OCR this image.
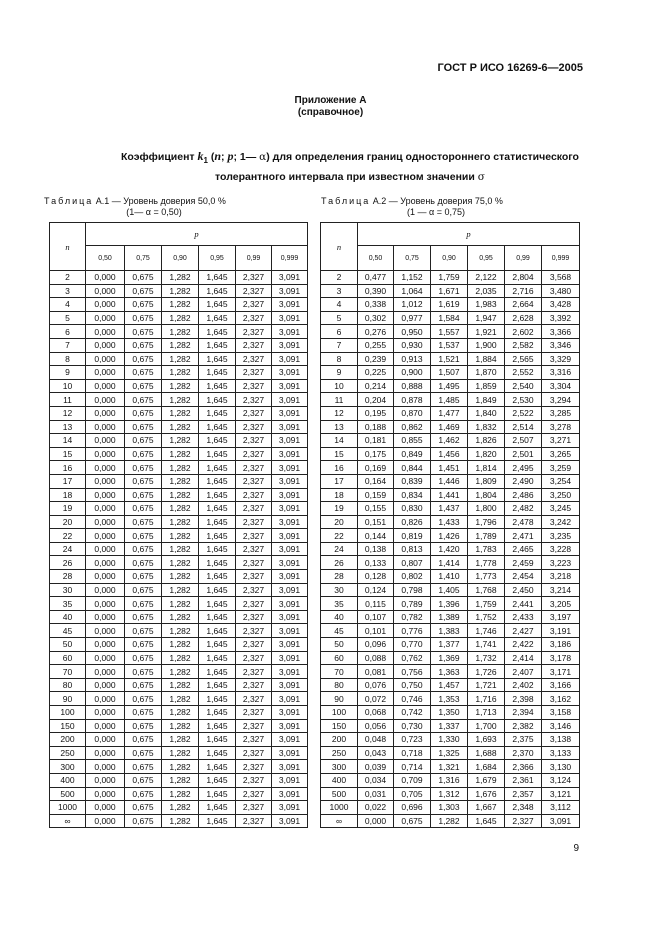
ГОСТ Р ИСО 16269-6—2005
Приложение А
(справочное)
Коэффициент $k_1$ (n; p; 1— α) для определения границ одностороннего статистического
толерантного интервала при известном значении σ
Таблица А.1 — Уровень доверия 50,0 %
(1— α = 0,50)
Таблица А.2 — Уровень доверия 75,0 %
(1 — α = 0,75)
n	p					
	0,50	0,75	0,90	0,95	0,99	0,999
2	0,000	0,675	1,282	1,645	2,327	3,091
3	0,000	0,675	1,282	1,645	2,327	3,091
4	0,000	0,675	1,282	1,645	2,327	3,091
5	0,000	0,675	1,282	1,645	2,327	3,091
6	0,000	0,675	1,282	1,645	2,327	3,091
7	0,000	0,675	1,282	1,645	2,327	3,091
8	0,000	0,675	1,282	1,645	2,327	3,091
9	0,000	0,675	1,282	1,645	2,327	3,091
10	0,000	0,675	1,282	1,645	2,327	3,091
11	0,000	0,675	1,282	1,645	2,327	3,091
12	0,000	0,675	1,282	1,645	2,327	3,091
13	0,000	0,675	1,282	1,645	2,327	3,091
14	0,000	0,675	1,282	1,645	2,327	3,091
15	0,000	0,675	1,282	1,645	2,327	3,091
16	0,000	0,675	1,282	1,645	2,327	3,091
17	0,000	0,675	1,282	1,645	2,327	3,091
18	0,000	0,675	1,282	1,645	2,327	3,091
19	0,000	0,675	1,282	1,645	2,327	3,091
20	0,000	0,675	1,282	1,645	2,327	3,091
22	0,000	0,675	1,282	1,645	2,327	3,091
24	0,000	0,675	1,282	1,645	2,327	3,091
26	0,000	0,675	1,282	1,645	2,327	3,091
28	0,000	0,675	1,282	1,645	2,327	3,091
30	0,000	0,675	1,282	1,645	2,327	3,091
35	0,000	0,675	1,282	1,645	2,327	3,091
40	0,000	0,675	1,282	1,645	2,327	3,091
45	0,000	0,675	1,282	1,645	2,327	3,091
50	0,000	0,675	1,282	1,645	2,327	3,091
60	0,000	0,675	1,282	1,645	2,327	3,091
70	0,000	0,675	1,282	1,645	2,327	3,091
80	0,000	0,675	1,282	1,645	2,327	3,091
90	0,000	0,675	1,282	1,645	2,327	3,091
100	0,000	0,675	1,282	1,645	2,327	3,091
150	0,000	0,675	1,282	1,645	2,327	3,091
200	0,000	0,675	1,282	1,645	2,327	3,091
250	0,000	0,675	1,282	1,645	2,327	3,091
300	0,000	0,675	1,282	1,645	2,327	3,091
400	0,000	0,675	1,282	1,645	2,327	3,091
500	0,000	0,675	1,282	1,645	2,327	3,091
1000	0,000	0,675	1,282	1,645	2,327	3,091
∞	0,000	0,675	1,282	1,645	2,327	3,091
n	p					
	0,50	0,75	0,90	0,95	0,99	0,999
2	0,477	1,152	1,759	2,122	2,804	3,568
3	0,390	1,064	1,671	2,035	2,716	3,480
4	0,338	1,012	1,619	1,983	2,664	3,428
5	0,302	0,977	1,584	1,947	2,628	3,392
6	0,276	0,950	1,557	1,921	2,602	3,366
7	0,255	0,930	1,537	1,900	2,582	3,346
8	0,239	0,913	1,521	1,884	2,565	3,329
9	0,225	0,900	1,507	1,870	2,552	3,316
10	0,214	0,888	1,495	1,859	2,540	3,304
11	0,204	0,878	1,485	1,849	2,530	3,294
12	0,195	0,870	1,477	1,840	2,522	3,285
13	0,188	0,862	1,469	1,832	2,514	3,278
14	0,181	0,855	1,462	1,826	2,507	3,271
15	0,175	0,849	1,456	1,820	2,501	3,265
16	0,169	0,844	1,451	1,814	2,495	3,259
17	0,164	0,839	1,446	1,809	2,490	3,254
18	0,159	0,834	1,441	1,804	2,486	3,250
19	0,155	0,830	1,437	1,800	2,482	3,245
20	0,151	0,826	1,433	1,796	2,478	3,242
22	0,144	0,819	1,426	1,789	2,471	3,235
24	0,138	0,813	1,420	1,783	2,465	3,228
26	0,133	0,807	1,414	1,778	2,459	3,223
28	0,128	0,802	1,410	1,773	2,454	3,218
30	0,124	0,798	1,405	1,768	2,450	3,214
35	0,115	0,789	1,396	1,759	2,441	3,205
40	0,107	0,782	1,389	1,752	2,433	3,197
45	0,101	0,776	1,383	1,746	2,427	3,191
50	0,096	0,770	1,377	1,741	2,422	3,186
60	0,088	0,762	1,369	1,732	2,414	3,178
70	0,081	0,756	1,363	1,726	2,407	3,171
80	0,076	0,750	1,457	1,721	2,402	3,166
90	0,072	0,746	1,353	1,716	2,398	3,162
100	0,068	0,742	1,350	1,713	2,394	3,158
150	0,056	0,730	1,337	1,700	2,382	3,146
200	0,048	0,723	1,330	1,693	2,375	3,138
250	0,043	0,718	1,325	1,688	2,370	3,133
300	0,039	0,714	1,321	1,684	2,366	3,130
400	0,034	0,709	1,316	1,679	2,361	3,124
500	0,031	0,705	1,312	1,676	2,357	3,121
1000	0,022	0,696	1,303	1,667	2,348	3,112
∞	0,000	0,675	1,282	1,645	2,327	3,091
9
